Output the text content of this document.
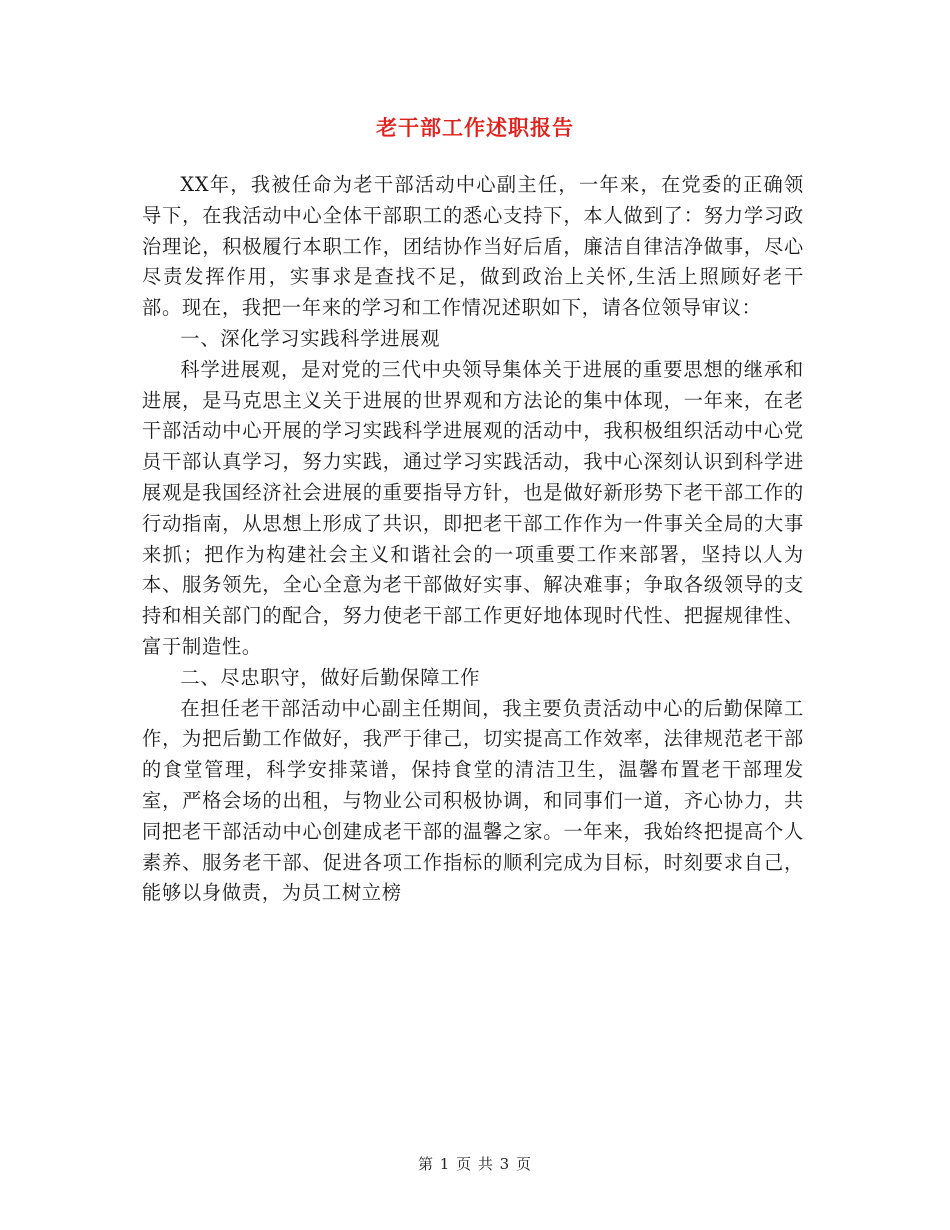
老干部工作述职报告

XX年，我被任命为老干部活动中心副主任，一年来，在党委的正确领导下，在我活动中心全体干部职工的悉心支持下，本人做到了：努力学习政治理论，积极履行本职工作，团结协作当好后盾，廉洁自律洁净做事，尽心尽责发挥作用，实事求是查找不足，做到政治上关怀,生活上照顾好老干部。现在，我把一年来的学习和工作情况述职如下，请各位领导审议：

一、深化学习实践科学进展观

科学进展观，是对党的三代中央领导集体关于进展的重要思想的继承和进展，是马克思主义关于进展的世界观和方法论的集中体现，一年来，在老干部活动中心开展的学习实践科学进展观的活动中，我积极组织活动中心党员干部认真学习，努力实践，通过学习实践活动，我中心深刻认识到科学进展观是我国经济社会进展的重要指导方针，也是做好新形势下老干部工作的行动指南，从思想上形成了共识，即把老干部工作作为一件事关全局的大事来抓；把作为构建社会主义和谐社会的一项重要工作来部署，坚持以人为本、服务领先，全心全意为老干部做好实事、解决难事；争取各级领导的支持和相关部门的配合，努力使老干部工作更好地体现时代性、把握规律性、富于制造性。

二、尽忠职守，做好后勤保障工作

在担任老干部活动中心副主任期间，我主要负责活动中心的后勤保障工作，为把后勤工作做好，我严于律己，切实提高工作效率，法律规范老干部的食堂管理，科学安排菜谱，保持食堂的清洁卫生，温馨布置老干部理发室，严格会场的出租，与物业公司积极协调，和同事们一道，齐心协力，共同把老干部活动中心创建成老干部的温馨之家。一年来，我始终把提高个人素养、服务老干部、促进各项工作指标的顺利完成为目标，时刻要求自己，能够以身做责，为员工树立榜

第 1 页 共 3 页
